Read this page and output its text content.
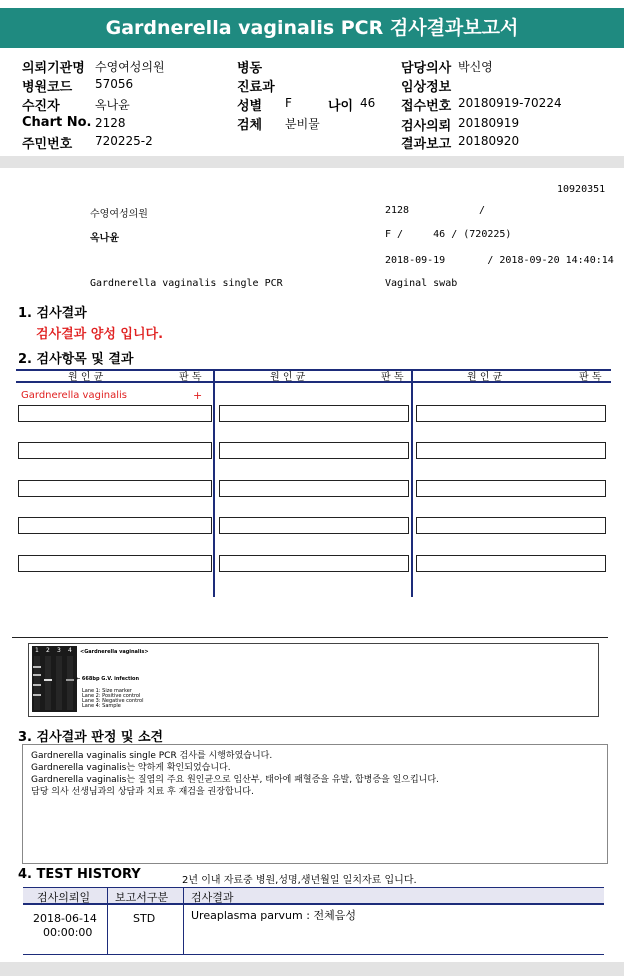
Gardnerella vaginalis PCR 검사결과보고서
의뢰기관명 수영여성의원
병원코드 57056
수진자	옥나윤
Chart No. 2128
주민번호 720225-2
병동
진료과
성별 F	나이 46
검체 분비물
담당의사 박신영
임상정보
접수번호 20180919-70224
검사의뢰 20180919
결과보고 20180920
10920351
수영여성의원	2128	/
옥나윤	F /     46 / (720225)
2018-09-19       / 2018-09-20 14:40:14
Gardnerella vaginalis single PCR	Vaginal swab
1. 검사결과
검사결과 양성 입니다.
2. 검사항목 및 결과
원 인 균	판 독	원 인 균	판 독	원 인 균	판 독
Gardnerella vaginalis	+
1 2 3 4 <Gardnerella vaginalis>
← 668bp G.V. infection
Lane 1: Size marker
Lane 2: Positive control
Lane 3: Negative control
Lane 4: Sample
3. 검사결과 판정 및 소견
Gardnerella vaginalis single PCR 검사를 시행하였습니다.
Gardnerella vaginalis는 약하게 확인되었습니다.
Gardnerella vaginalis는 질염의 주요 원인균으로 임산부, 태아에 패혈증을 유발, 합병증을 일으킵니다.
담당 의사 선생님과의 상담과 치료 후 재검을 권장합니다.
4. TEST HISTORY	2년 이내 자료중 병원,성명,생년월일 일치자료 입니다.
검사의뢰일 보고서구분 검사결과
2018-06-14
00:00:00
STD	Ureaplasma parvum : 전체음성
